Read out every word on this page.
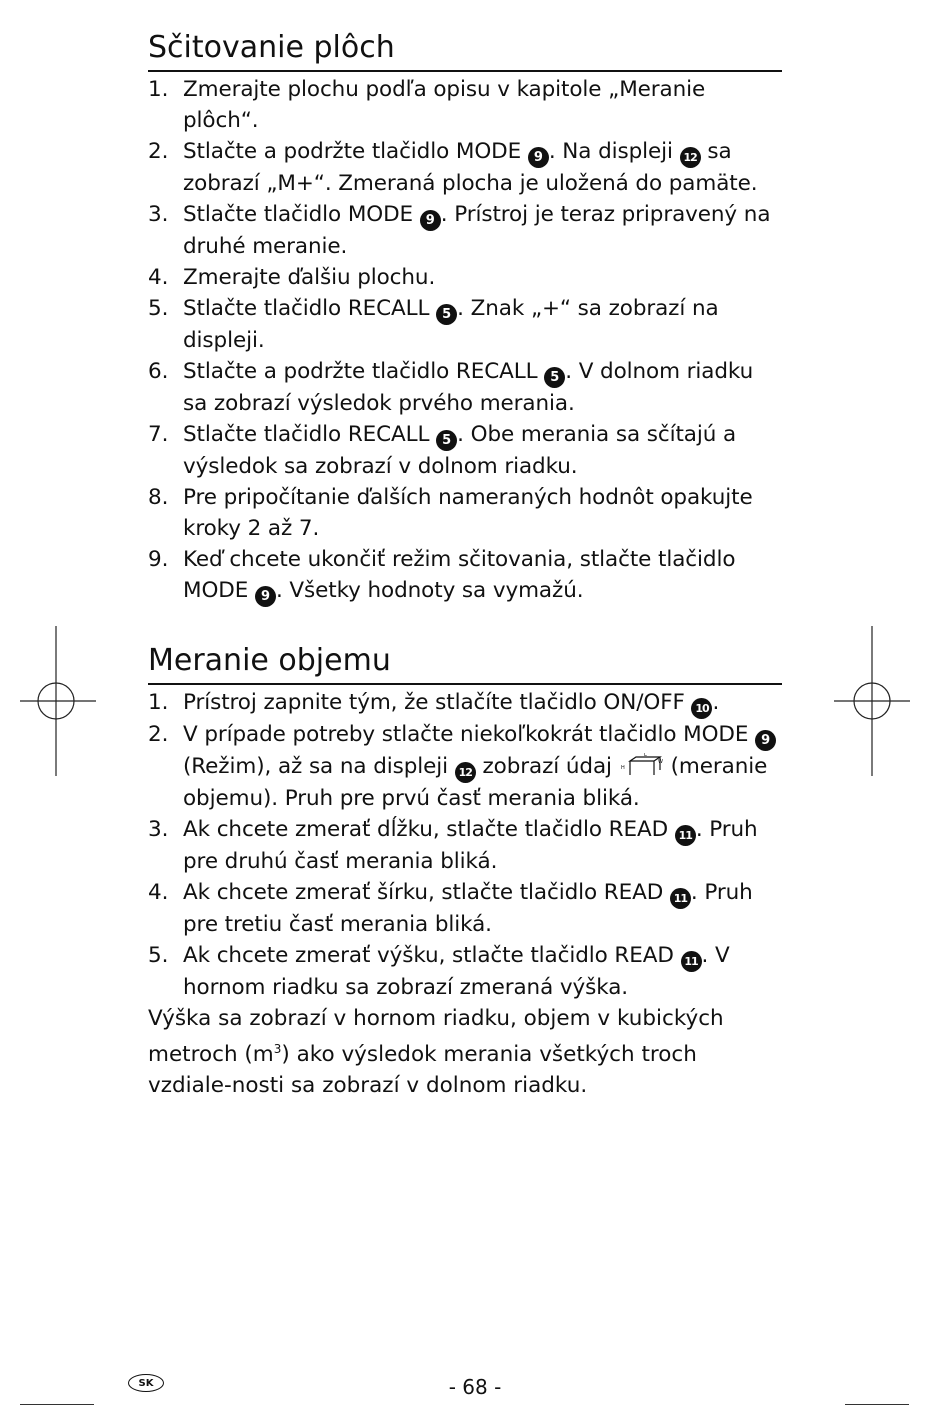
Sčitovanie plôch
1. Zmerajte plochu podľa opisu v kapitole „Meranie plôch“.
2. Stlačte a podržte tlačidlo MODE 9 . Na displeji 12 sa zobrazí „M+“. Zmeraná plocha je uložená do pamäte.
3. Stlačte tlačidlo MODE 9 . Prístroj je teraz pripravený na druhé meranie.
4. Zmerajte ďalšiu plochu.
5. Stlačte tlačidlo RECALL 5 . Znak „+“ sa zobrazí na displeji.
6. Stlačte a podržte tlačidlo RECALL 5 . V dolnom riadku sa zobrazí výsledok prvého merania.
7. Stlačte tlačidlo RECALL 5 . Obe merania sa sčítajú a výsledok sa zobrazí v dolnom riadku.
8. Pre pripočítanie ďalších nameraných hodnôt opakujte kroky 2 až 7.
9. Keď chcete ukončiť režim sčitovania, stlačte tlačidlo MODE 9 . Všetky hodnoty sa vymažú.
Meranie objemu
1. Prístroj zapnite tým, že stlačíte tlačidlo ON/OFF 10 .
2. V prípade potreby stlačte niekoľkokrát tlačidlo MODE 9 (Režim), až sa na displeji 12 zobrazí údaj H
L
W (meranie objemu). Pruh pre prvú časť merania bliká.
3. Ak chcete zmerať dĺžku, stlačte tlačidlo READ 11 . Pruh pre druhú časť merania bliká.
4. Ak chcete zmerať šírku, stlačte tlačidlo READ 11 . Pruh pre tretiu časť merania bliká.
5. Ak chcete zmerať výšku, stlačte tlačidlo READ 11 . V hornom riadku sa zobrazí zmeraná výška.

Výška sa zobrazí v hornom riadku, objem v kubických metroch $(m^3)$ ako výsledok merania všetkých troch vzdiale-nosti sa zobrazí v dolnom riadku.

SK	- 68 -
